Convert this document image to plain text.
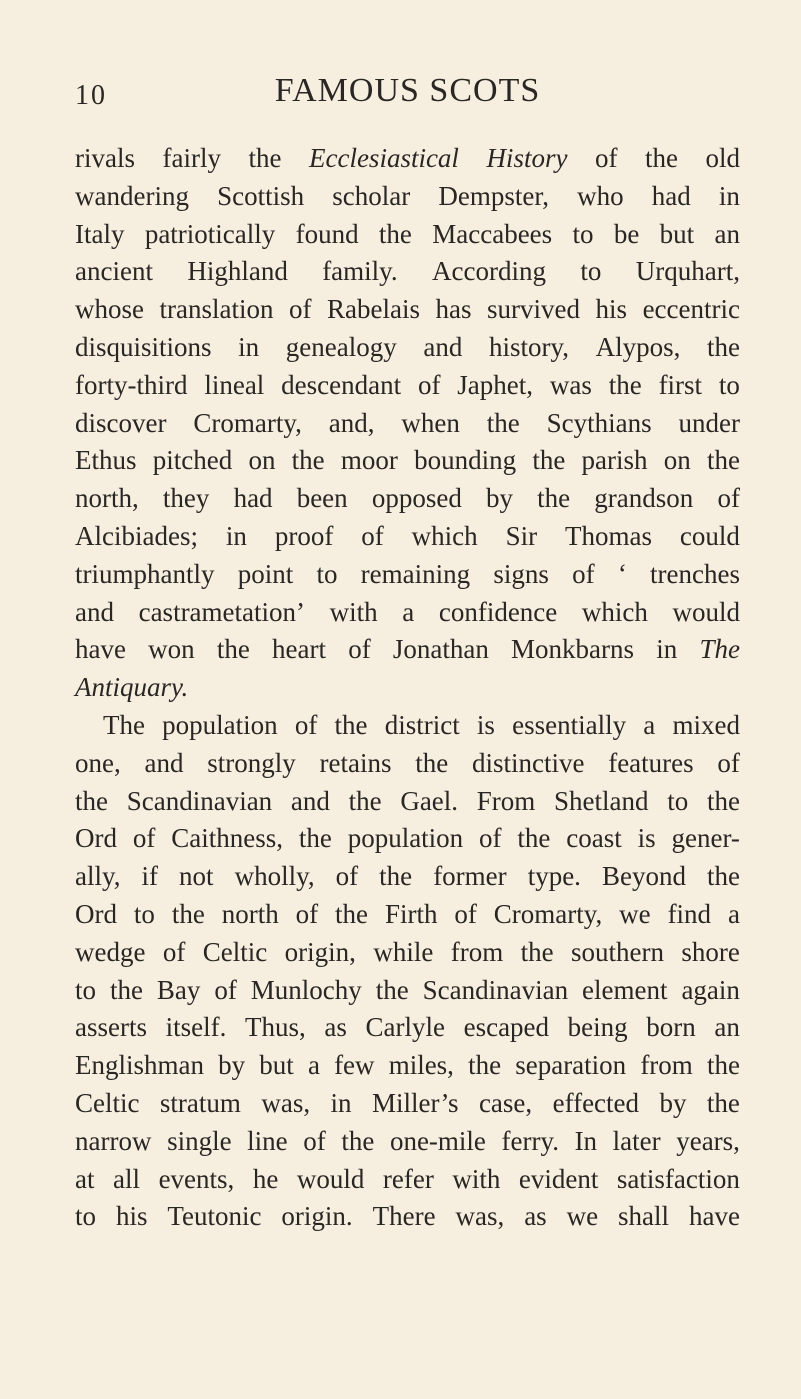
10	FAMOUS SCOTS
rivals fairly the Ecclesiastical History of the old
wandering Scottish scholar Dempster, who had in
Italy patriotically found the Maccabees to be but an
ancient Highland family. According to Urquhart,
whose translation of Rabelais has survived his eccentric
disquisitions in genealogy and history, Alypos, the
forty-third lineal descendant of Japhet, was the first to
discover Cromarty, and, when the Scythians under
Ethus pitched on the moor bounding the parish on the
north, they had been opposed by the grandson of
Alcibiades; in proof of which Sir Thomas could
triumphantly point to remaining signs of ‘ trenches
and castrametation’ with a confidence which would
have won the heart of Jonathan Monkbarns in The
Antiquary.
The population of the district is essentially a mixed
one, and strongly retains the distinctive features of
the Scandinavian and the Gael. From Shetland to the
Ord of Caithness, the population of the coast is gener-
ally, if not wholly, of the former type. Beyond the
Ord to the north of the Firth of Cromarty, we find a
wedge of Celtic origin, while from the southern shore
to the Bay of Munlochy the Scandinavian element again
asserts itself. Thus, as Carlyle escaped being born an
Englishman by but a few miles, the separation from the
Celtic stratum was, in Miller’s case, effected by the
narrow single line of the one-mile ferry. In later years,
at all events, he would refer with evident satisfaction
to his Teutonic origin. There was, as we shall have
